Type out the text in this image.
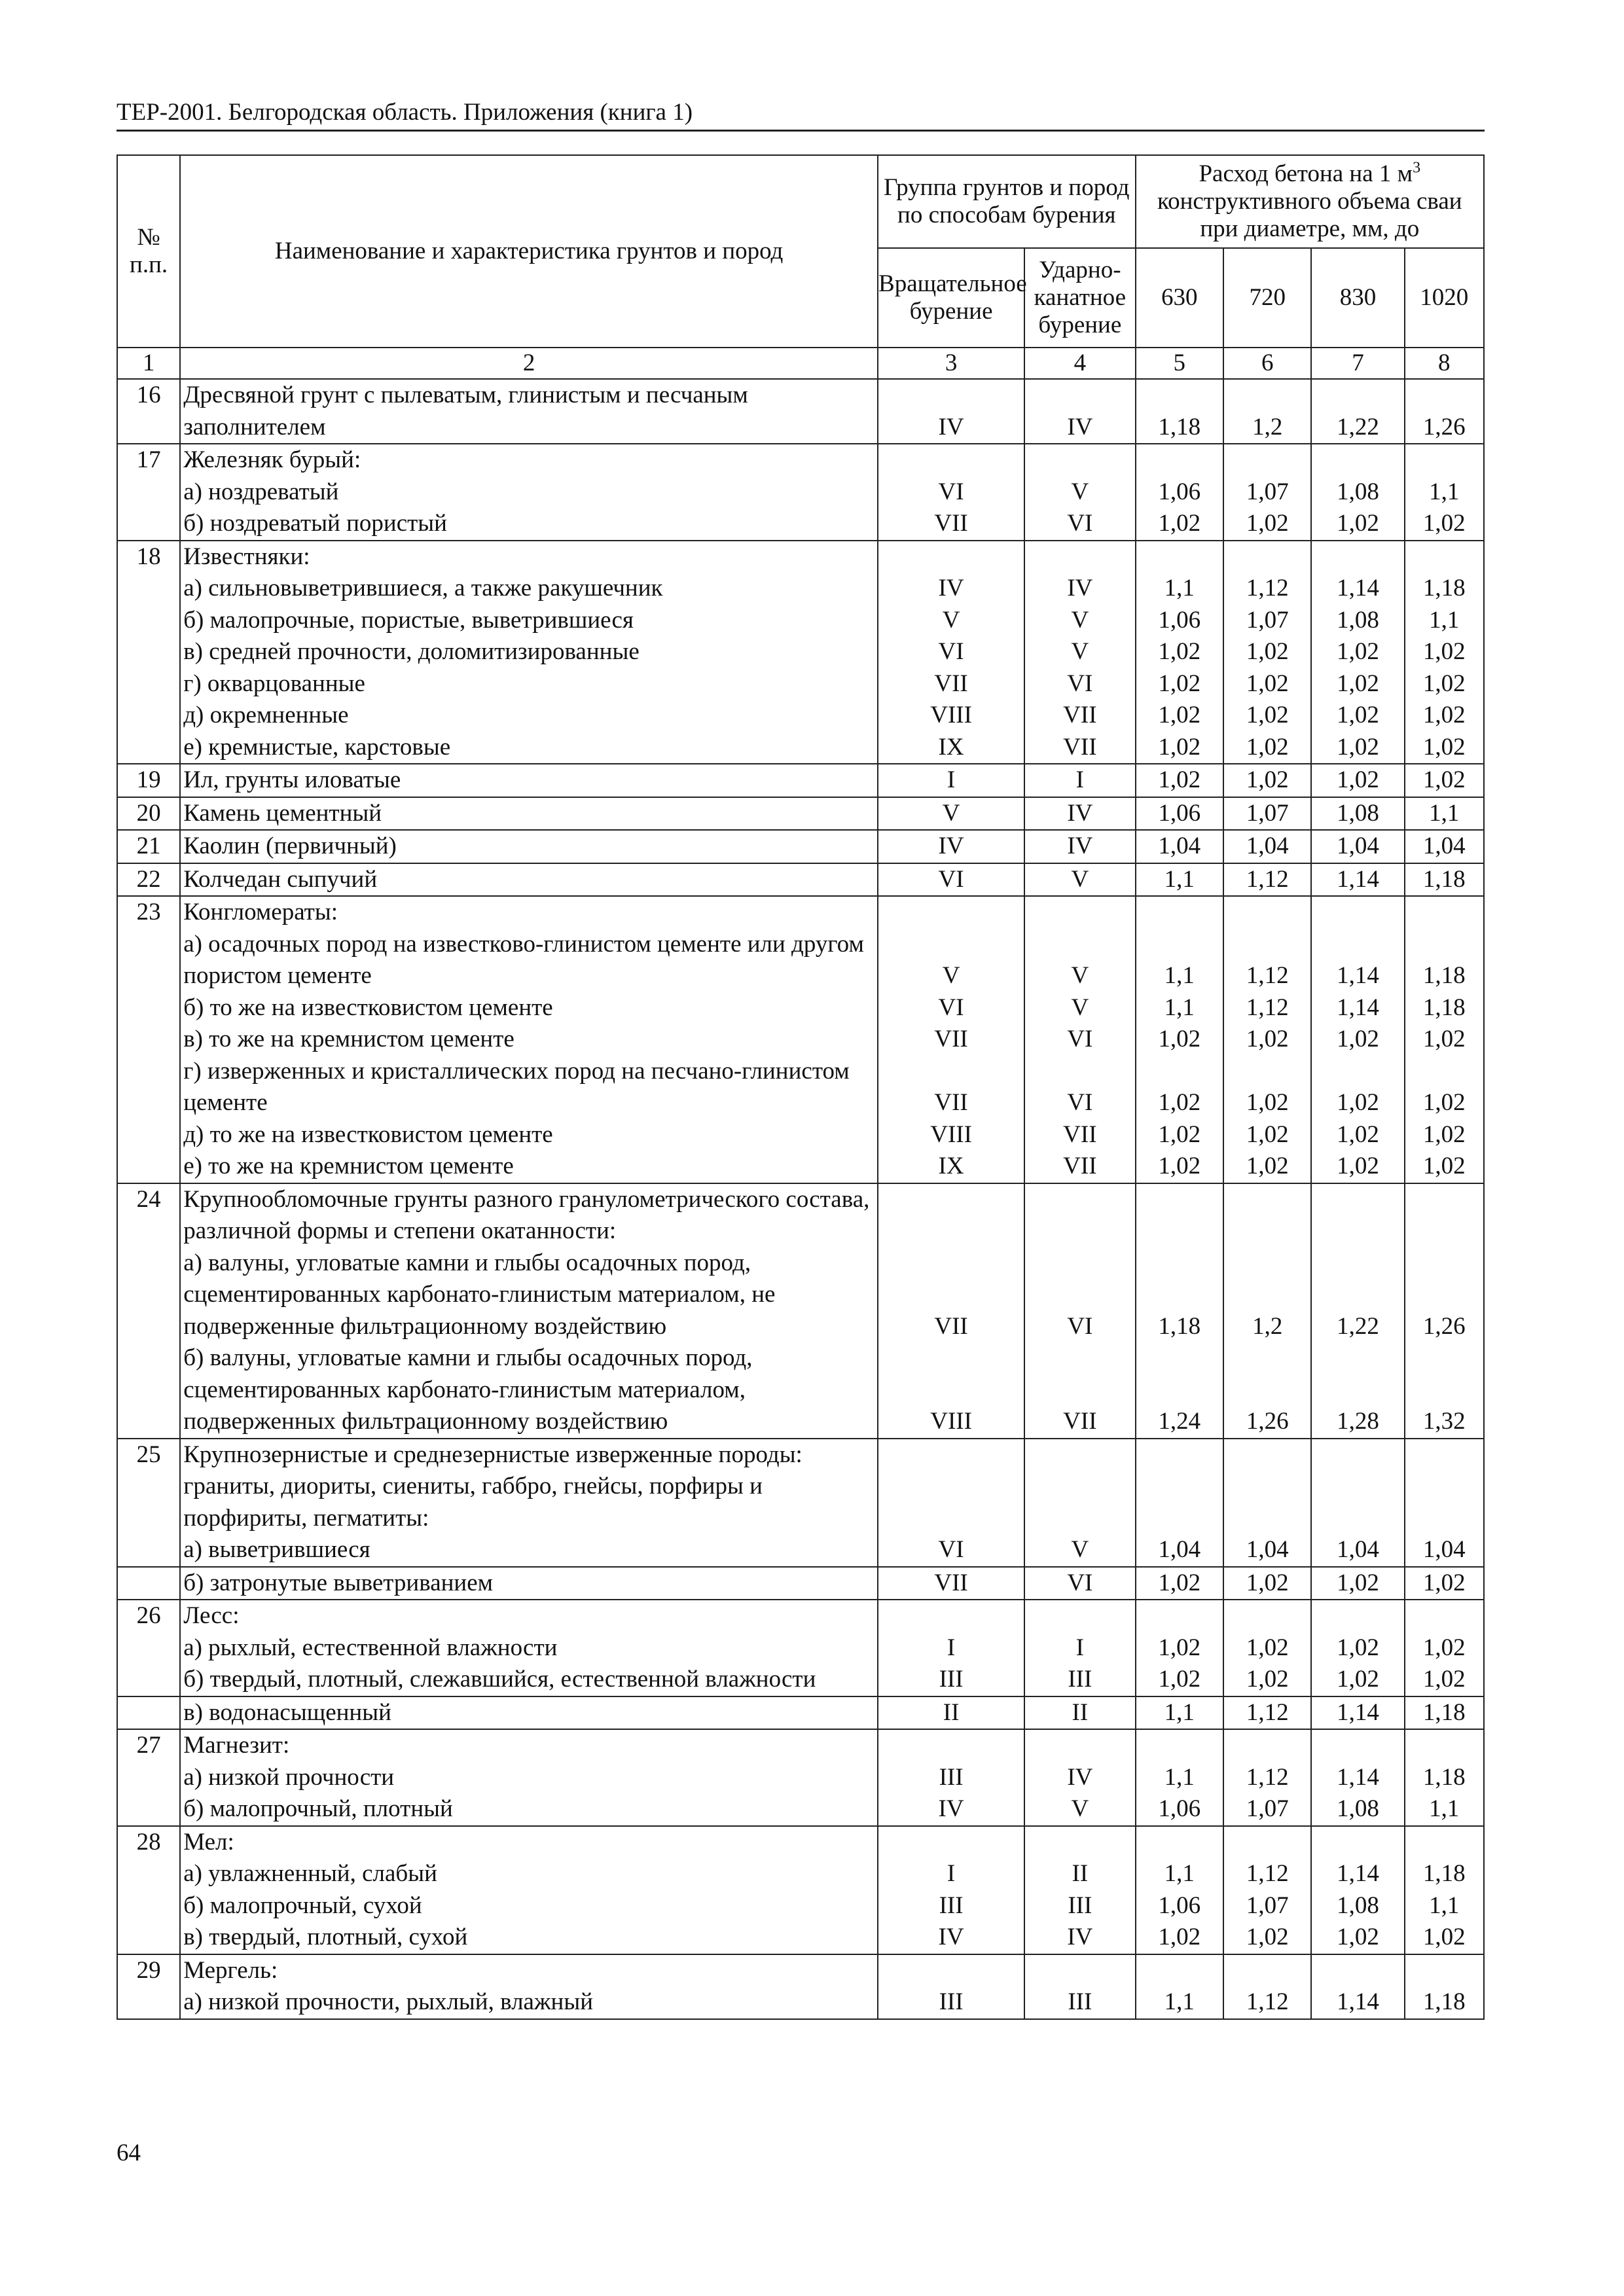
ТЕР-2001. Белгородская область. Приложения (книга 1)
№ п.п.	Наименование и характеристика грунтов и пород	Группа грунтов и пород по способам бурения		Расход бетона на 1 $м^3$ конструктивного объема сваи при диаметре, мм, до			
		Вращательное бурение	Ударно-канатное бурение	630	720	830	1020
1	2	3	4	5	6	7	8
16	Дресвяной грунт с пылеватым, глинистым и песчаным заполнителем	IV	IV	1,18	1,2	1,22	1,26
17	Железняк бурый:						
	а) ноздреватый	VI	V	1,06	1,07	1,08	1,1
	б) ноздреватый пористый	VII	VI	1,02	1,02	1,02	1,02
18	Известняки:						
	а) сильновыветрившиеся, а также ракушечник	IV	IV	1,1	1,12	1,14	1,18
	б) малопрочные, пористые, выветрившиеся	V	V	1,06	1,07	1,08	1,1
	в) средней прочности, доломитизированные	VI	V	1,02	1,02	1,02	1,02
	г) окварцованные	VII	VI	1,02	1,02	1,02	1,02
	д) окремненные	VIII	VII	1,02	1,02	1,02	1,02
	е) кремнистые, карстовые	IX	VII	1,02	1,02	1,02	1,02
19	Ил, грунты иловатые	I	I	1,02	1,02	1,02	1,02
20	Камень цементный	V	IV	1,06	1,07	1,08	1,1
21	Каолин (первичный)	IV	IV	1,04	1,04	1,04	1,04
22	Колчедан сыпучий	VI	V	1,1	1,12	1,14	1,18
23	Конгломераты:						
	а) осадочных пород на известково-глинистом цементе или другом пористом цементе	V	V	1,1	1,12	1,14	1,18
	б) то же на известковистом цементе	VI	V	1,1	1,12	1,14	1,18
	в) то же на кремнистом цементе	VII	VI	1,02	1,02	1,02	1,02
	г) изверженных и кристаллических пород на песчано-глинистом цементе	VII	VI	1,02	1,02	1,02	1,02
	д) то же на известковистом цементе	VIII	VII	1,02	1,02	1,02	1,02
	е) то же на кремнистом цементе	IX	VII	1,02	1,02	1,02	1,02
24	Крупнообломочные грунты разного гранулометрического состава, различной формы и степени окатанности:						
	а) валуны, угловатые камни и глыбы осадочных пород, сцементированных карбонато-глинистым материалом, не подверженные фильтрационному воздействию	VII	VI	1,18	1,2	1,22	1,26
	б) валуны, угловатые камни и глыбы осадочных пород, сцементированных карбонато-глинистым материалом, подверженных фильтрационному воздействию	VIII	VII	1,24	1,26	1,28	1,32
25	Крупнозернистые и среднезернистые изверженные породы: граниты, диориты, сиениты, габбро, гнейсы, порфиры и порфириты, пегматиты:						
	а) выветрившиеся	VI	V	1,04	1,04	1,04	1,04
	б) затронутые выветриванием	VII	VI	1,02	1,02	1,02	1,02
26	Лесс:						
	а) рыхлый, естественной влажности	I	I	1,02	1,02	1,02	1,02
	б) твердый, плотный, слежавшийся, естественной влажности	III	III	1,02	1,02	1,02	1,02
	в) водонасыщенный	II	II	1,1	1,12	1,14	1,18
27	Магнезит:						
	а) низкой прочности	III	IV	1,1	1,12	1,14	1,18
	б) малопрочный, плотный	IV	V	1,06	1,07	1,08	1,1
28	Мел:						
	а) увлажненный, слабый	I	II	1,1	1,12	1,14	1,18
	б) малопрочный, сухой	III	III	1,06	1,07	1,08	1,1
	в) твердый, плотный, сухой	IV	IV	1,02	1,02	1,02	1,02
29	Мергель:						
	а) низкой прочности, рыхлый, влажный	III	III	1,1	1,12	1,14	1,18
64
